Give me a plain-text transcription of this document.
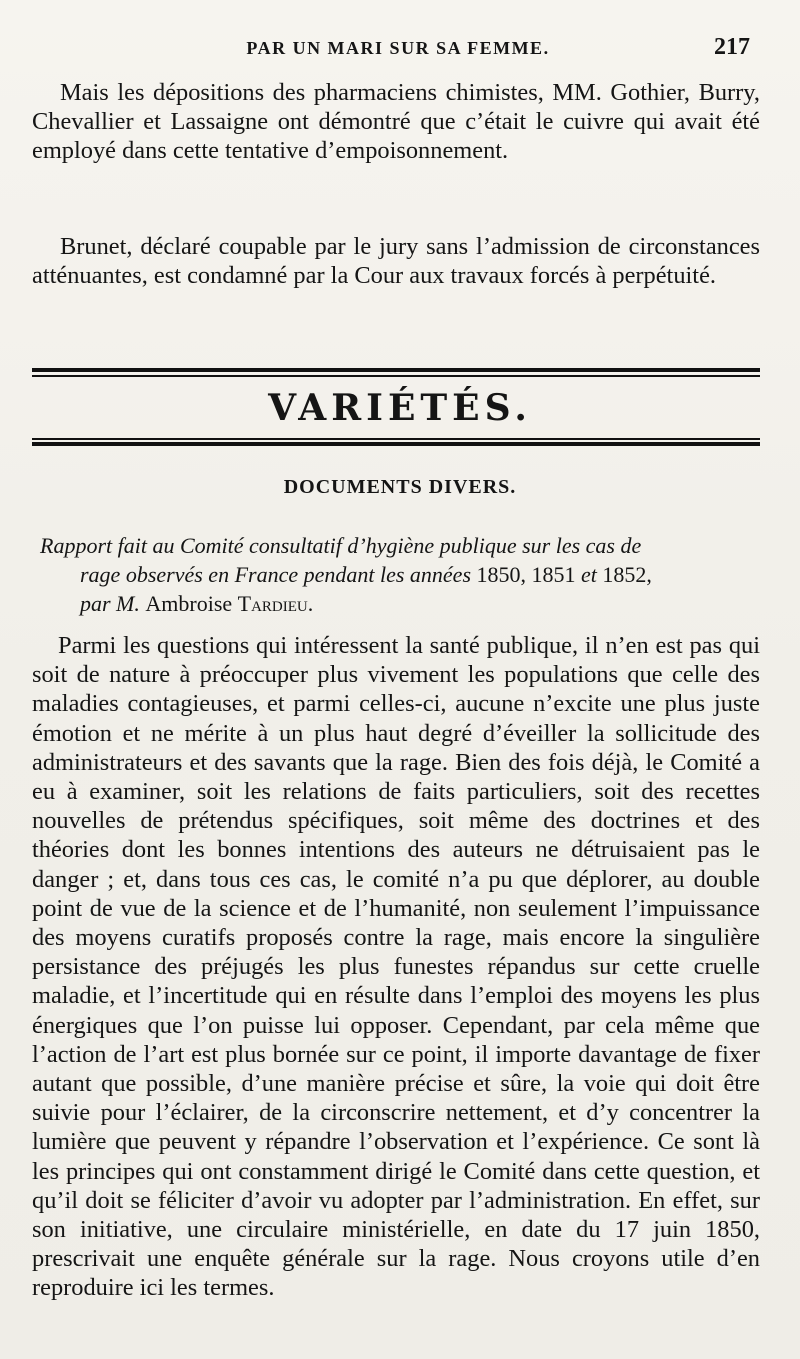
PAR UN MARI SUR SA FEMME.	217

Mais les dépositions des pharmaciens chimistes, MM. Gothier, Burry, Chevallier et Lassaigne ont démontré que c’était le cuivre qui avait été employé dans cette tentative d’empoisonnement.

Brunet, déclaré coupable par le jury sans l’admission de circonstances atténuantes, est condamné par la Cour aux travaux forcés à perpétuité.

VARIÉTÉS.
DOCUMENTS DIVERS.
Rapport fait au Comité consultatif d’hygiène publique sur les cas de
rage observés en France pendant les années 1850, 1851 et 1852,
par M. Ambroise Tardieu.

Parmi les questions qui intéressent la santé publique, il n’en est pas qui soit de nature à préoccuper plus vivement les populations que celle des maladies contagieuses, et parmi celles-ci, aucune n’excite une plus juste émotion et ne mérite à un plus haut degré d’éveiller la sollicitude des administrateurs et des savants que la rage. Bien des fois déjà, le Comité a eu à examiner, soit les relations de faits particuliers, soit des recettes nouvelles de prétendus spécifiques, soit même des doctrines et des théories dont les bonnes intentions des auteurs ne détruisaient pas le danger ; et, dans tous ces cas, le comité n’a pu que déplorer, au double point de vue de la science et de l’humanité, non seulement l’impuissance des moyens curatifs proposés contre la rage, mais encore la singulière persistance des préjugés les plus funestes répandus sur cette cruelle maladie, et l’incertitude qui en résulte dans l’emploi des moyens les plus énergiques que l’on puisse lui opposer. Cependant, par cela même que l’action de l’art est plus bornée sur ce point, il importe davantage de fixer autant que possible, d’une manière précise et sûre, la voie qui doit être suivie pour l’éclairer, de la circonscrire nettement, et d’y concentrer la lumière que peuvent y répandre l’observation et l’expérience. Ce sont là les principes qui ont constamment dirigé le Comité dans cette question, et qu’il doit se féliciter d’avoir vu adopter par l’administration. En effet, sur son initiative, une circulaire ministérielle, en date du 17 juin 1850, prescrivait une enquête générale sur la rage. Nous croyons utile d’en reproduire ici les termes.
